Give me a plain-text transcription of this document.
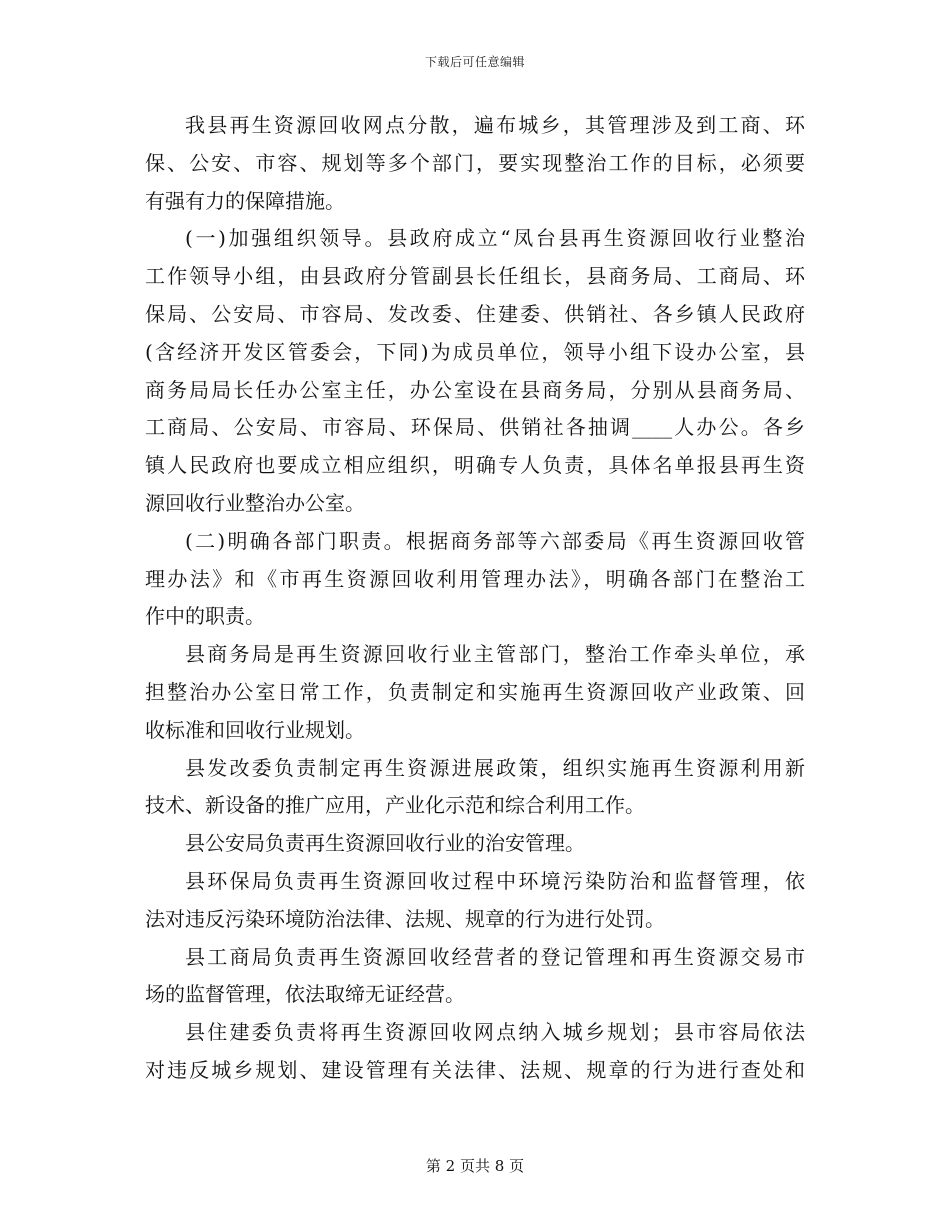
下载后可任意编辑
我县再生资源回收网点分散，遍布城乡，其管理涉及到工商、环
保、公安、市容、规划等多个部门，要实现整治工作的目标，必须要
有强有力的保障措施。
(一)加强组织领导。县政府成立“凤台县再生资源回收行业整治
工作领导小组，由县政府分管副县长任组长，县商务局、工商局、环
保局、公安局、市容局、发改委、住建委、供销社、各乡镇人民政府
(含经济开发区管委会，下同)为成员单位，领导小组下设办公室，县
商务局局长任办公室主任，办公室设在县商务局，分别从县商务局、
工商局、公安局、市容局、环保局、供销社各抽调____人办公。各乡
镇人民政府也要成立相应组织，明确专人负责，具体名单报县再生资
源回收行业整治办公室。
(二)明确各部门职责。根据商务部等六部委局《再生资源回收管
理办法》和《市再生资源回收利用管理办法》，明确各部门在整治工
作中的职责。
县商务局是再生资源回收行业主管部门，整治工作牵头单位，承
担整治办公室日常工作，负责制定和实施再生资源回收产业政策、回
收标准和回收行业规划。
县发改委负责制定再生资源进展政策，组织实施再生资源利用新
技术、新设备的推广应用，产业化示范和综合利用工作。
县公安局负责再生资源回收行业的治安管理。
县环保局负责再生资源回收过程中环境污染防治和监督管理，依
法对违反污染环境防治法律、法规、规章的行为进行处罚。
县工商局负责再生资源回收经营者的登记管理和再生资源交易市
场的监督管理，依法取缔无证经营。
县住建委负责将再生资源回收网点纳入城乡规划；县市容局依法
对违反城乡规划、建设管理有关法律、法规、规章的行为进行查处和
第 2 页共 8 页
